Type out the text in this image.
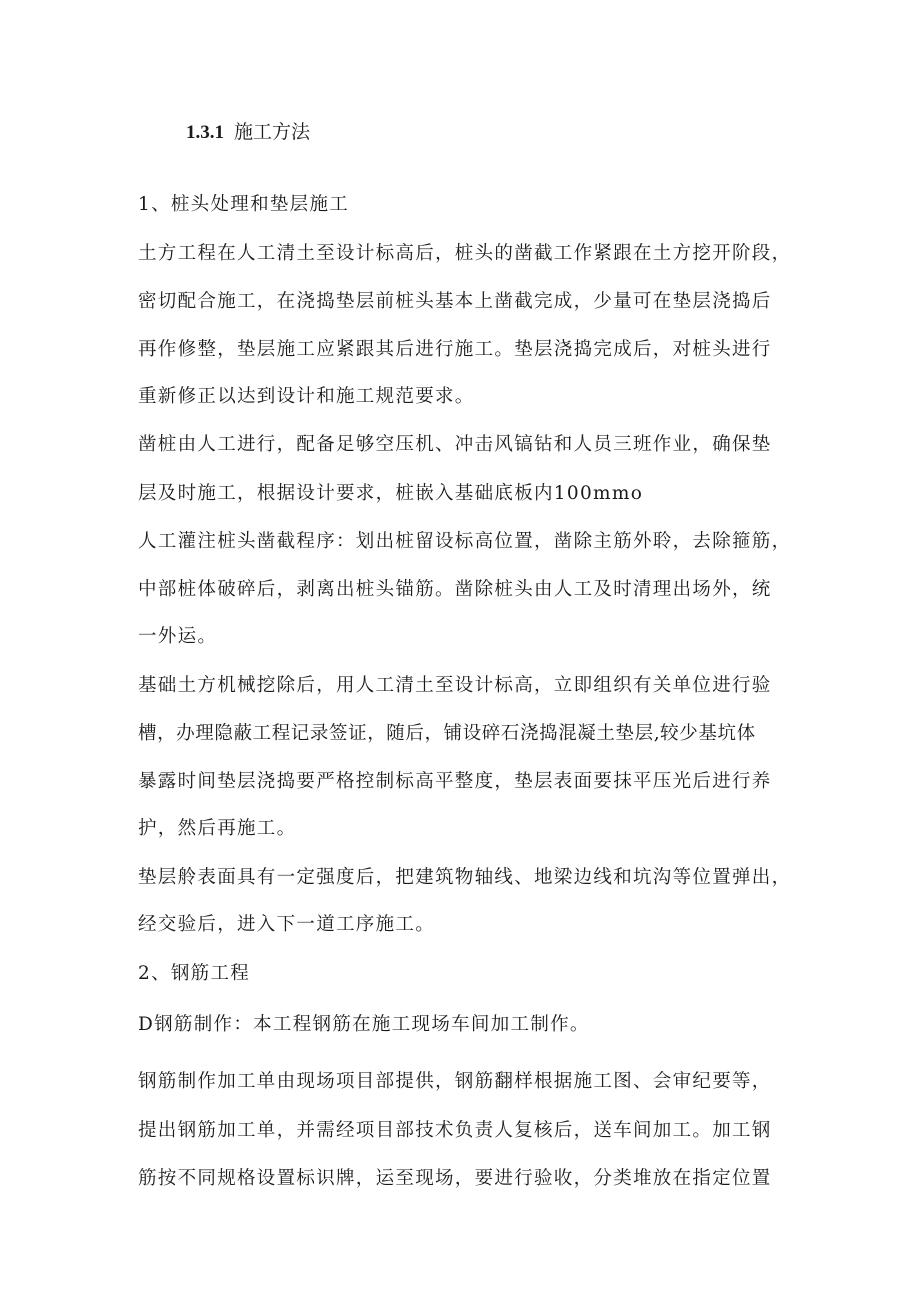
1.3.1 施工方法
1、桩头处理和垫层施工
土方工程在人工清土至设计标高后，桩头的凿截工作紧跟在土方挖开阶段，
密切配合施工，在浇捣垫层前桩头基本上凿截完成，少量可在垫层浇捣后
再作修整，垫层施工应紧跟其后进行施工。垫层浇捣完成后，对桩头进行
重新修正以达到设计和施工规范要求。
凿桩由人工进行，配备足够空压机、冲击风镐钻和人员三班作业，确保垫
层及时施工，根据设计要求，桩嵌入基础底板内100mmo
人工灌注桩头凿截程序：划出桩留设标高位置，凿除主筋外聆，去除箍筋，
中部桩体破碎后，剥离出桩头锚筋。凿除桩头由人工及时清理出场外，统
一外运。
基础土方机械挖除后，用人工清土至设计标高，立即组织有关单位进行验
槽，办理隐蔽工程记录签证，随后，铺设碎石浇捣混凝土垫层,较少基坑体
暴露时间垫层浇捣要严格控制标高平整度，垫层表面要抹平压光后进行养
护，然后再施工。
垫层舲表面具有一定强度后，把建筑物轴线、地梁边线和坑沟等位置弹出，
经交验后，进入下一道工序施工。
2、钢筋工程
D钢筋制作：本工程钢筋在施工现场车间加工制作。
钢筋制作加工单由现场项目部提供，钢筋翻样根据施工图、会审纪要等，
提出钢筋加工单，并需经项目部技术负责人复核后，送车间加工。加工钢
筋按不同规格设置标识牌，运至现场，要进行验收，分类堆放在指定位置
